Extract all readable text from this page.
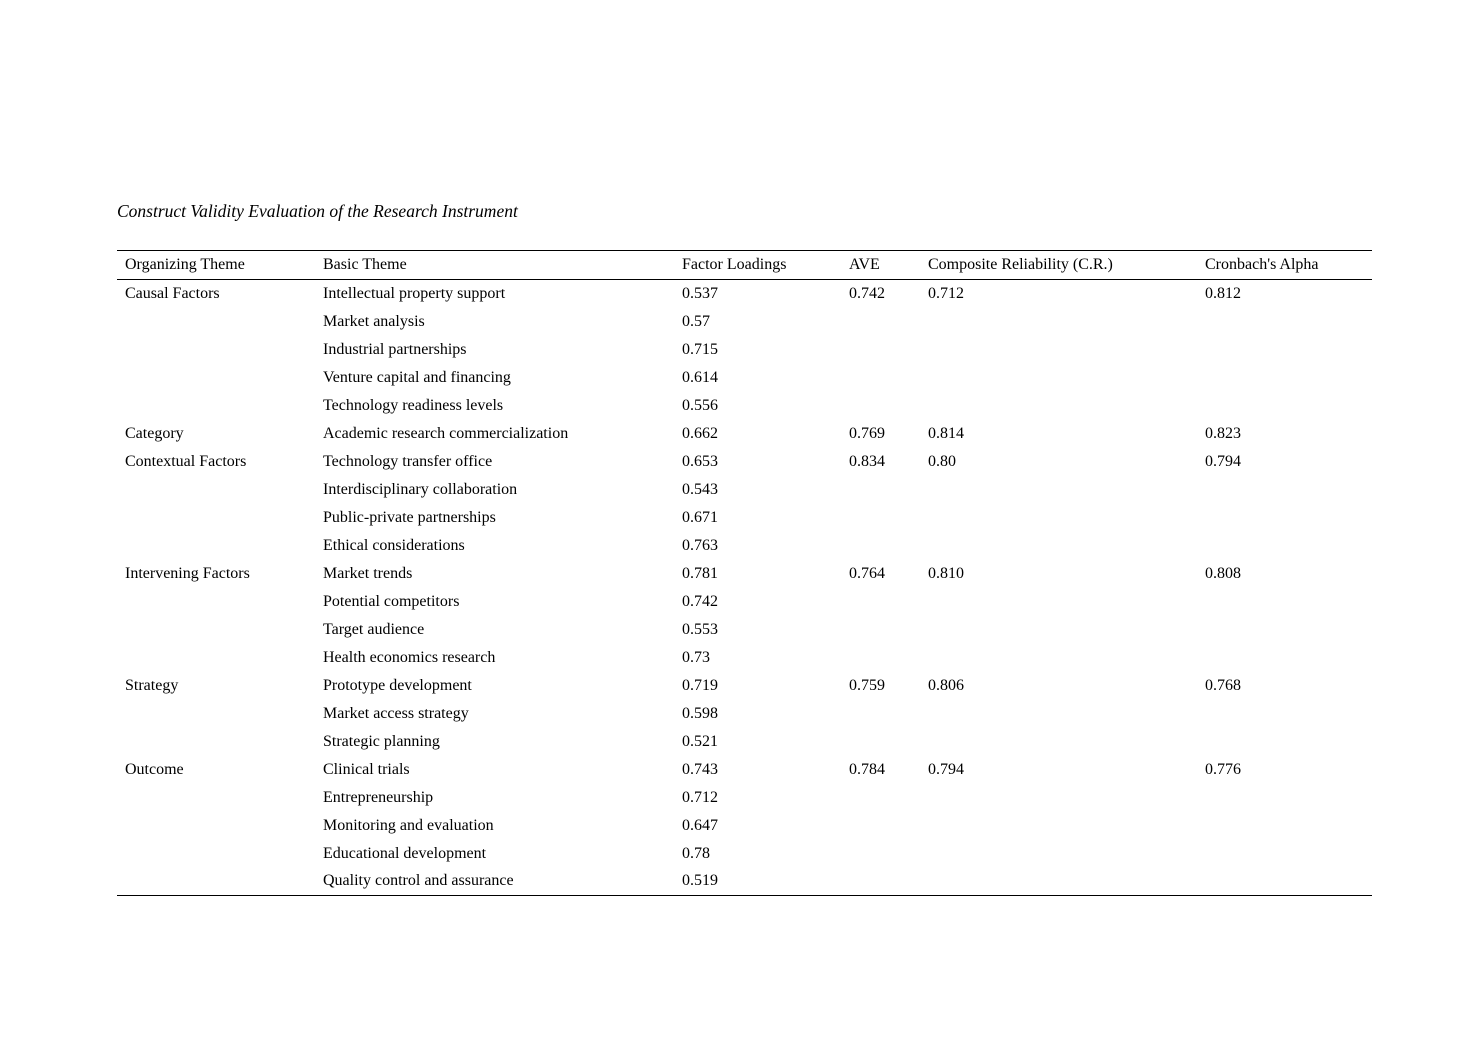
Construct Validity Evaluation of the Research Instrument
Organizing Theme	Basic Theme	Factor Loadings	AVE	Composite Reliability (C.R.)	Cronbach's Alpha
Causal Factors	Intellectual property support	0.537	0.742	0.712	0.812
	Market analysis	0.57			
	Industrial partnerships	0.715			
	Venture capital and financing	0.614			
	Technology readiness levels	0.556			
Category	Academic research commercialization	0.662	0.769	0.814	0.823
Contextual Factors	Technology transfer office	0.653	0.834	0.80	0.794
	Interdisciplinary collaboration	0.543			
	Public-private partnerships	0.671			
	Ethical considerations	0.763			
Intervening Factors	Market trends	0.781	0.764	0.810	0.808
	Potential competitors	0.742			
	Target audience	0.553			
	Health economics research	0.73			
Strategy	Prototype development	0.719	0.759	0.806	0.768
	Market access strategy	0.598			
	Strategic planning	0.521			
Outcome	Clinical trials	0.743	0.784	0.794	0.776
	Entrepreneurship	0.712			
	Monitoring and evaluation	0.647			
	Educational development	0.78			
	Quality control and assurance	0.519			
